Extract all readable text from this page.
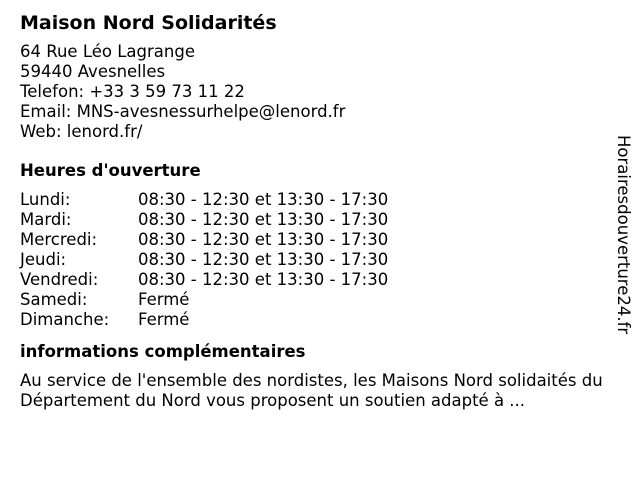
Maison Nord Solidarités
64 Rue Léo Lagrange
59440 Avesnelles
Telefon: +33 3 59 73 11 22
Email: MNS-avesnessurhelpe@lenord.fr
Web: lenord.fr/
Heures d'ouverture
Lundi:	08:30 - 12:30 et 13:30 - 17:30
Mardi:	08:30 - 12:30 et 13:30 - 17:30
Mercredi:	08:30 - 12:30 et 13:30 - 17:30
Jeudi:	08:30 - 12:30 et 13:30 - 17:30
Vendredi:	08:30 - 12:30 et 13:30 - 17:30
Samedi:	Fermé
Dimanche:	Fermé
informations complémentaires
Au service de l'ensemble des nordistes, les Maisons Nord solidaités du Département du Nord vous proposent un soutien adapté à ...
Horairesdouverture24.fr
